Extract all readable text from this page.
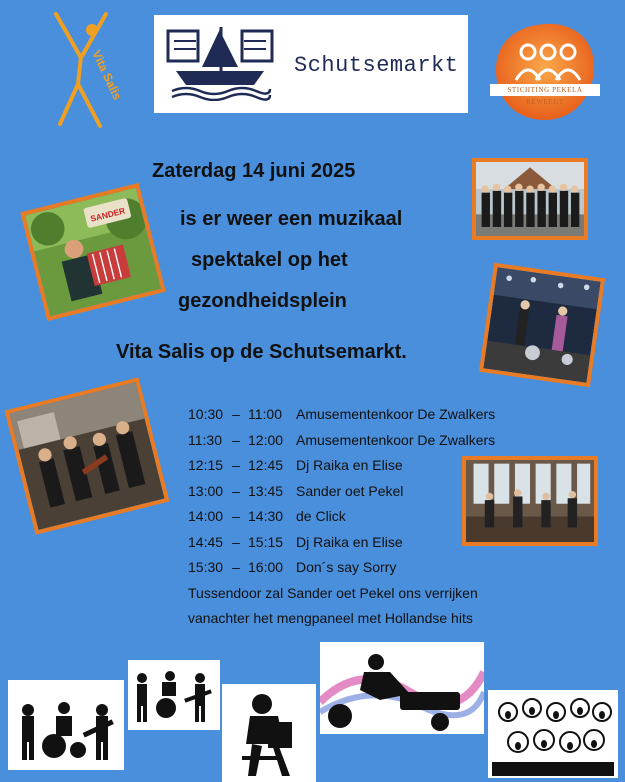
Vita Salis	Schutsemarkt
STICHTING PEKELA BEWEEGT
Zaterdag 14 juni 2025
is er weer een muzikaal
spektakel op het
gezondheidsplein
Vita Salis op de Schutsemarkt.
SANDER
10:30 – 11:00	Amusementenkoor De Zwalkers
11:30 – 12:00 Amusementenkoor De Zwalkers
12:15 – 12:45 Dj Raika en Elise
13:00 – 13:45 Sander oet Pekel
14:00 – 14:30 de Click
14:45 – 15:15 Dj Raika en Elise
15:30 – 16:00 Don´s say Sorry
Tussendoor zal Sander oet Pekel ons verrijken
vanachter het mengpaneel met Hollandse hits
